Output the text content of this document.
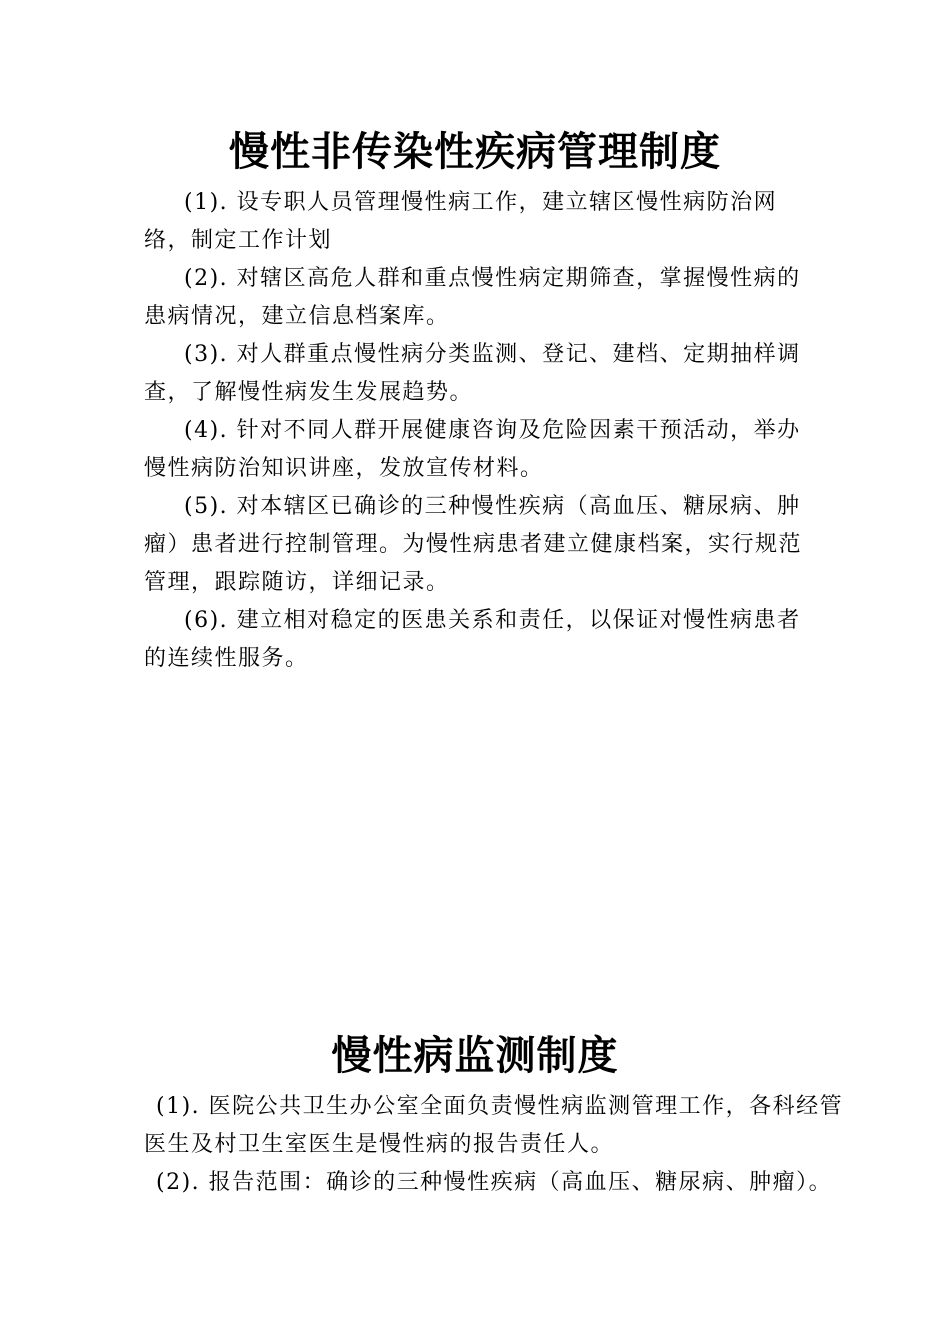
慢性非传染性疾病管理制度

(1). 设专职人员管理慢性病工作，建立辖区慢性病防治网络，制定工作计划

(2). 对辖区高危人群和重点慢性病定期筛查，掌握慢性病的患病情况，建立信息档案库。

(3). 对人群重点慢性病分类监测、登记、建档、定期抽样调查，了解慢性病发生发展趋势。

(4). 针对不同人群开展健康咨询及危险因素干预活动，举办慢性病防治知识讲座，发放宣传材料。

(5). 对本辖区已确诊的三种慢性疾病（高血压、糖尿病、肿瘤）患者进行控制管理。为慢性病患者建立健康档案，实行规范管理，跟踪随访，详细记录。

(6). 建立相对稳定的医患关系和责任，以保证对慢性病患者的连续性服务。

慢性病监测制度

(1). 医院公共卫生办公室全面负责慢性病监测管理工作，各科经管医生及村卫生室医生是慢性病的报告责任人。

(2). 报告范围：确诊的三种慢性疾病（高血压、糖尿病、肿瘤）。
